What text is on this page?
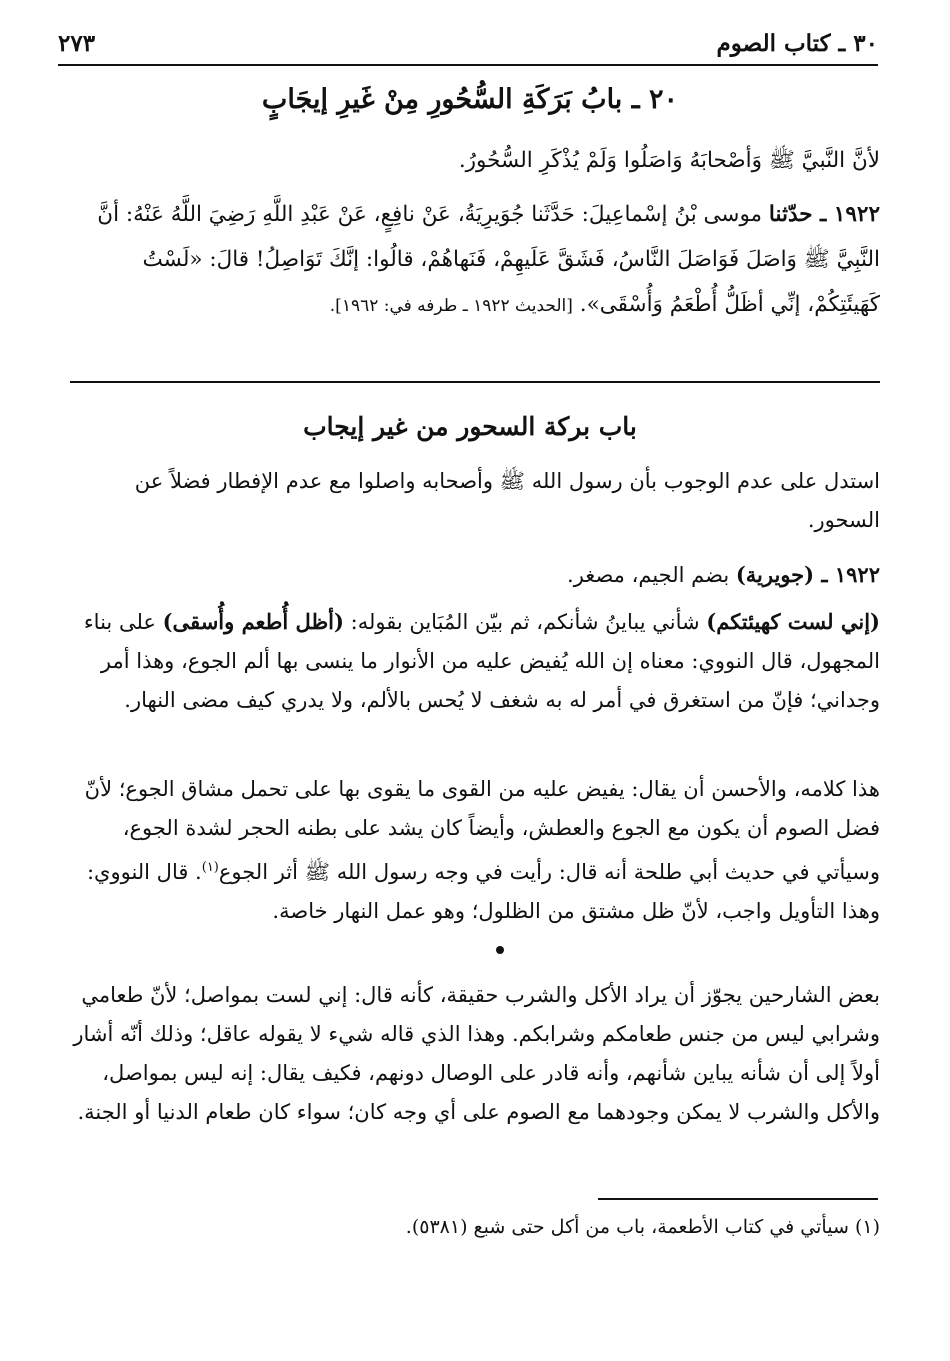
٣٠ ـ كتاب الصوم
٢٧٣
٢٠ ـ بابُ بَرَكَةِ السُّحُورِ مِنْ غَيرِ إيجَابٍ
لأنَّ النَّبيَّ ﷺ وَأصْحابَهُ وَاصَلُوا وَلَمْ يُذْكَرِ السُّحُورُ.
١٩٢٢ ـ حدّثنا موسى بْنُ إسْماعِيلَ: حَدَّثَنا جُوَيرِيَةُ، عَنْ نافِعٍ، عَنْ عَبْدِ اللَّهِ رَضِيَ اللَّهُ عَنْهُ: أنَّ النَّبِيَّ ﷺ وَاصَلَ فَوَاصَلَ النَّاسُ، فَشَقَّ عَلَيهِمْ، فَنَهاهُمْ، قالُوا: إنَّكَ تَوَاصِلُ! قالَ: «لَسْتُ كَهَيئَتِكُمْ، إنِّي أظَلُّ أُطْعَمُ وَأُسْقَى». [الحديث ١٩٢٢ ـ طرفه في: ١٩٦٢].
باب بركة السحور من غير إيجاب
استدل على عدم الوجوب بأن رسول الله ﷺ وأصحابه واصلوا مع عدم الإفطار فضلاً عن السحور.
١٩٢٢ ـ (جويرية) بضم الجيم، مصغر.
(إني لست كهيئتكم) شأني يباينُ شأنكم، ثم بيّن المُبَاين بقوله: (أظل أُطعم وأُسقى) على بناء المجهول، قال النووي: معناه إن الله يُفيض عليه من الأنوار ما ينسى بها ألم الجوع، وهذا أمر وجداني؛ فإنّ من استغرق في أمر له به شغف لا يُحس بالألم، ولا يدري كيف مضى النهار.
هذا كلامه، والأحسن أن يقال: يفيض عليه من القوى ما يقوى بها على تحمل مشاق الجوع؛ لأنّ فضل الصوم أن يكون مع الجوع والعطش، وأيضاً كان يشد على بطنه الحجر لشدة الجوع، وسيأتي في حديث أبي طلحة أنه قال: رأيت في وجه رسول الله ﷺ أثر الجوع$^{(١)}$. قال النووي: وهذا التأويل واجب، لأنّ ظل مشتق من الظلول؛ وهو عمل النهار خاصة.
بعض الشارحين يجوّز أن يراد الأكل والشرب حقيقة، كأنه قال: إني لست بمواصل؛ لأنّ طعامي وشرابي ليس من جنس طعامكم وشرابكم. وهذا الذي قاله شيء لا يقوله عاقل؛ وذلك أنّه أشار أولاً إلى أن شأنه يباين شأنهم، وأنه قادر على الوصال دونهم، فكيف يقال: إنه ليس بمواصل، والأكل والشرب لا يمكن وجودهما مع الصوم على أي وجه كان؛ سواء كان طعام الدنيا أو الجنة.
(١) سيأتي في كتاب الأطعمة، باب من أكل حتى شبع (٥٣٨١).
